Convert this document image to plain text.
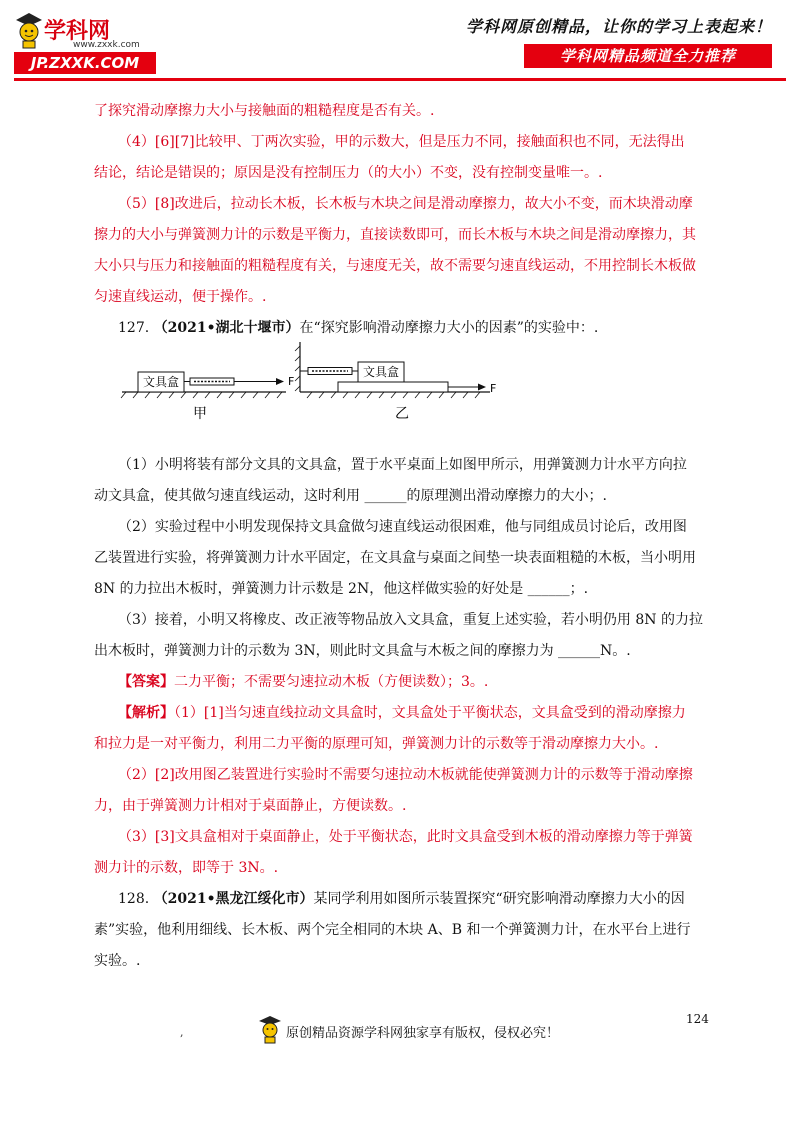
学科网
www.zxxk.com
JP.ZXXK.COM
学科网原创精品，让你的学习上表起来！
学科网精品频道全力推荐

了探究滑动摩擦力大小与接触面的粗糙程度是否有关。.

（4）[6][7]比较甲、丁两次实验，甲的示数大，但是压力不同，接触面积也不同，无法得出

结论，结论是错误的；原因是没有控制压力（的大小）不变，没有控制变量唯一。.

（5）[8]改进后，拉动长木板，长木板与木块之间是滑动摩擦力，故大小不变，而木块滑动摩

擦力的大小与弹簧测力计的示数是平衡力，直接读数即可，而长木板与木块之间是滑动摩擦力，其

大小只与压力和接触面的粗糙程度有关，与速度无关，故不需要匀速直线运动，不用控制长木板做

匀速直线运动，便于操作。.

127. （2021•湖北十堰市）在“探究影响滑动摩擦力大小的因素”的实验中：.

文具盒	F
甲
文具盒
F
乙

（1）小明将装有部分文具的文具盒，置于水平桌面上如图甲所示，用弹簧测力计水平方向拉

动文具盒，使其做匀速直线运动，这时利用 ______的原理测出滑动摩擦力的大小；.

（2）实验过程中小明发现保持文具盒做匀速直线运动很困难，他与同组成员讨论后，改用图

乙装置进行实验，将弹簧测力计水平固定，在文具盒与桌面之间垫一块表面粗糙的木板，当小明用

8N 的力拉出木板时，弹簧测力计示数是 2N，他这样做实验的好处是 ______；.

（3）接着，小明又将橡皮、改正液等物品放入文具盒，重复上述实验，若小明仍用 8N 的力拉

出木板时，弹簧测力计的示数为 3N，则此时文具盒与木板之间的摩擦力为 ______N。.

【答案】二力平衡；不需要匀速拉动木板（方便读数）；3。.

【解析】（1）[1]当匀速直线拉动文具盒时，文具盒处于平衡状态，文具盒受到的滑动摩擦力

和拉力是一对平衡力，利用二力平衡的原理可知，弹簧测力计的示数等于滑动摩擦力大小。.

（2）[2]改用图乙装置进行实验时不需要匀速拉动木板就能使弹簧测力计的示数等于滑动摩擦

力，由于弹簧测力计相对于桌面静止，方便读数。.

（3）[3]文具盒相对于桌面静止，处于平衡状态，此时文具盒受到木板的滑动摩擦力等于弹簧

测力计的示数，即等于 3N。.

128. （2021•黑龙江绥化市）某同学利用如图所示装置探究“研究影响滑动摩擦力大小的因

素”实验，他利用细线、长木板、两个完全相同的木块 A、B 和一个弹簧测力计，在水平台上进行

实验。.

124
,	原创精品资源学科网独家享有版权，侵权必究！
